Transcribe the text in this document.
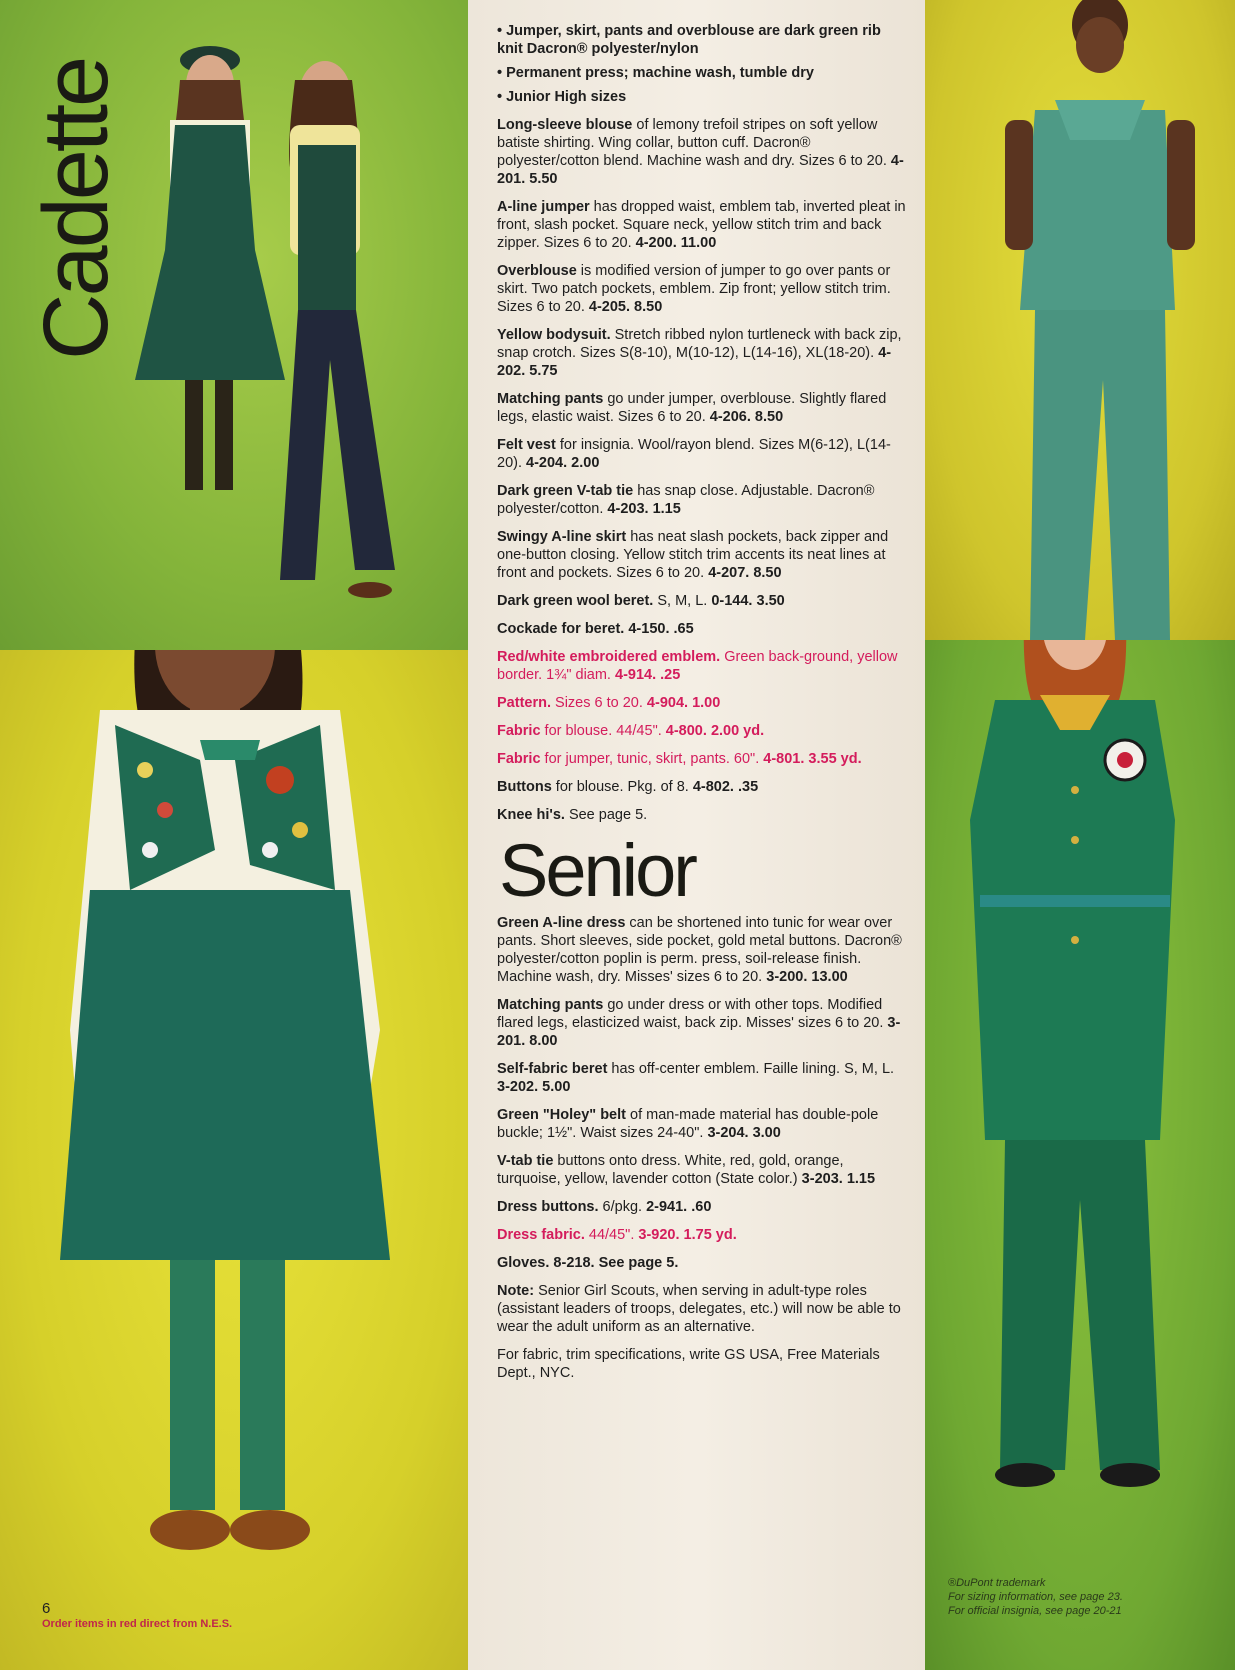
Cadette
6
Order items in red direct from N.E.S.
®DuPont trademark
For sizing information, see page 23.
For official insignia, see page 20-21
• Jumper, skirt, pants and overblouse are dark green rib knit Dacron® polyester/nylon
• Permanent press; machine wash, tumble dry
• Junior High sizes
Long-sleeve blouse of lemony trefoil stripes on soft yellow batiste shirting. Wing collar, button cuff. Dacron® polyester/cotton blend. Machine wash and dry. Sizes 6 to 20. 4-201. 5.50
A-line jumper has dropped waist, emblem tab, inverted pleat in front, slash pocket. Square neck, yellow stitch trim and back zipper. Sizes 6 to 20. 4-200. 11.00
Overblouse is modified version of jumper to go over pants or skirt. Two patch pockets, emblem. Zip front; yellow stitch trim. Sizes 6 to 20. 4-205. 8.50
Yellow bodysuit. Stretch ribbed nylon turtleneck with back zip, snap crotch. Sizes S(8-10), M(10-12), L(14-16), XL(18-20). 4-202. 5.75
Matching pants go under jumper, overblouse. Slightly flared legs, elastic waist. Sizes 6 to 20. 4-206. 8.50
Felt vest for insignia. Wool/rayon blend. Sizes M(6-12), L(14-20). 4-204. 2.00
Dark green V-tab tie has snap close. Adjustable. Dacron® polyester/cotton. 4-203. 1.15
Swingy A-line skirt has neat slash pockets, back zipper and one-button closing. Yellow stitch trim accents its neat lines at front and pockets. Sizes 6 to 20. 4-207. 8.50
Dark green wool beret. S, M, L. 0-144. 3.50
Cockade for beret. 4-150. .65
Red/white embroidered emblem. Green back-ground, yellow border. 1¾" diam. 4-914. .25
Pattern. Sizes 6 to 20. 4-904. 1.00
Fabric for blouse. 44/45". 4-800. 2.00 yd.
Fabric for jumper, tunic, skirt, pants. 60". 4-801. 3.55 yd.
Buttons for blouse. Pkg. of 8. 4-802. .35
Knee hi's. See page 5.
Senior
Green A-line dress can be shortened into tunic for wear over pants. Short sleeves, side pocket, gold metal buttons. Dacron® polyester/cotton poplin is perm. press, soil-release finish. Machine wash, dry. Misses' sizes 6 to 20. 3-200. 13.00
Matching pants go under dress or with other tops. Modified flared legs, elasticized waist, back zip. Misses' sizes 6 to 20. 3-201. 8.00
Self-fabric beret has off-center emblem. Faille lining. S, M, L. 3-202. 5.00
Green "Holey" belt of man-made material has double-pole buckle; 1½". Waist sizes 24-40". 3-204. 3.00
V-tab tie buttons onto dress. White, red, gold, orange, turquoise, yellow, lavender cotton (State color.) 3-203. 1.15
Dress buttons. 6/pkg. 2-941. .60
Dress fabric. 44/45". 3-920. 1.75 yd.
Gloves. 8-218. See page 5.
Note: Senior Girl Scouts, when serving in adult-type roles (assistant leaders of troops, delegates, etc.) will now be able to wear the adult uniform as an alternative.
For fabric, trim specifications, write GS USA, Free Materials Dept., NYC.
